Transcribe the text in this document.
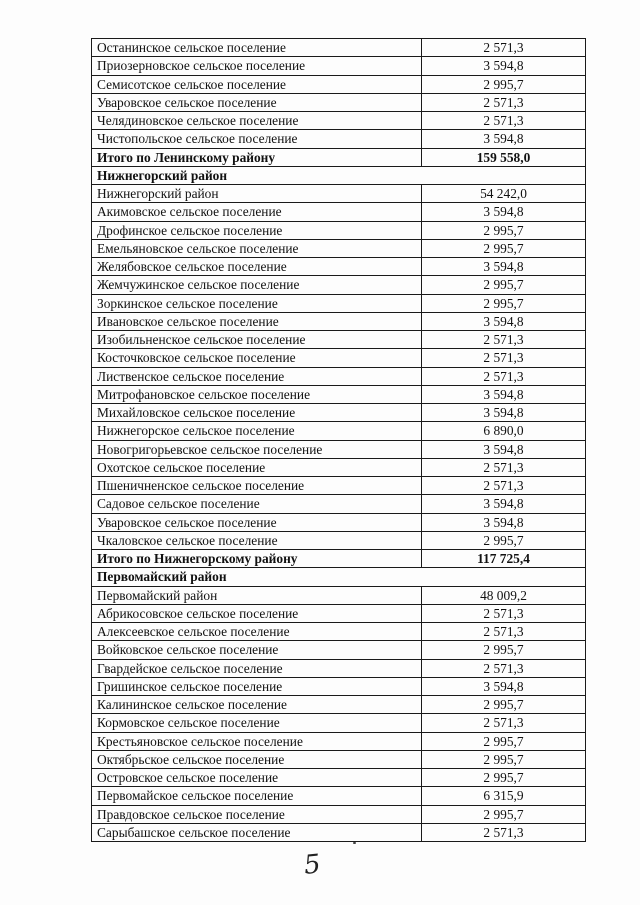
Останинское сельское поселение	2 571,3
Приозерновское сельское поселение	3 594,8
Семисотское сельское поселение	2 995,7
Уваровское сельское поселение	2 571,3
Челядиновское сельское поселение	2 571,3
Чистопольское сельское поселение	3 594,8
Итого по Ленинскому району	159 558,0
Нижнегорский район	
Нижнегорский район	54 242,0
Акимовское сельское поселение	3 594,8
Дрофинское сельское поселение	2 995,7
Емельяновское сельское поселение	2 995,7
Желябовское сельское поселение	3 594,8
Жемчужинское сельское поселение	2 995,7
Зоркинское сельское поселение	2 995,7
Ивановское сельское поселение	3 594,8
Изобильненское сельское поселение	2 571,3
Косточковское сельское поселение	2 571,3
Лиственское сельское поселение	2 571,3
Митрофановское сельское поселение	3 594,8
Михайловское сельское поселение	3 594,8
Нижнегорское сельское поселение	6 890,0
Новогригорьевское сельское поселение	3 594,8
Охотское сельское поселение	2 571,3
Пшеничненское сельское поселение	2 571,3
Садовое сельское поселение	3 594,8
Уваровское сельское поселение	3 594,8
Чкаловское сельское поселение	2 995,7
Итого по Нижнегорскому району	117 725,4
Первомайский район	
Первомайский район	48 009,2
Абрикосовское сельское поселение	2 571,3
Алексеевское сельское поселение	2 571,3
Войковское сельское поселение	2 995,7
Гвардейское сельское поселение	2 571,3
Гришинское сельское поселение	3 594,8
Калининское сельское поселение	2 995,7
Кормовское сельское поселение	2 571,3
Крестьяновское сельское поселение	2 995,7
Октябрьское сельское поселение	2 995,7
Островское сельское поселение	2 995,7
Первомайское сельское поселение	6 315,9
Правдовское сельское поселение	2 995,7
Сарыбашское сельское поселение	2 571,3
5
